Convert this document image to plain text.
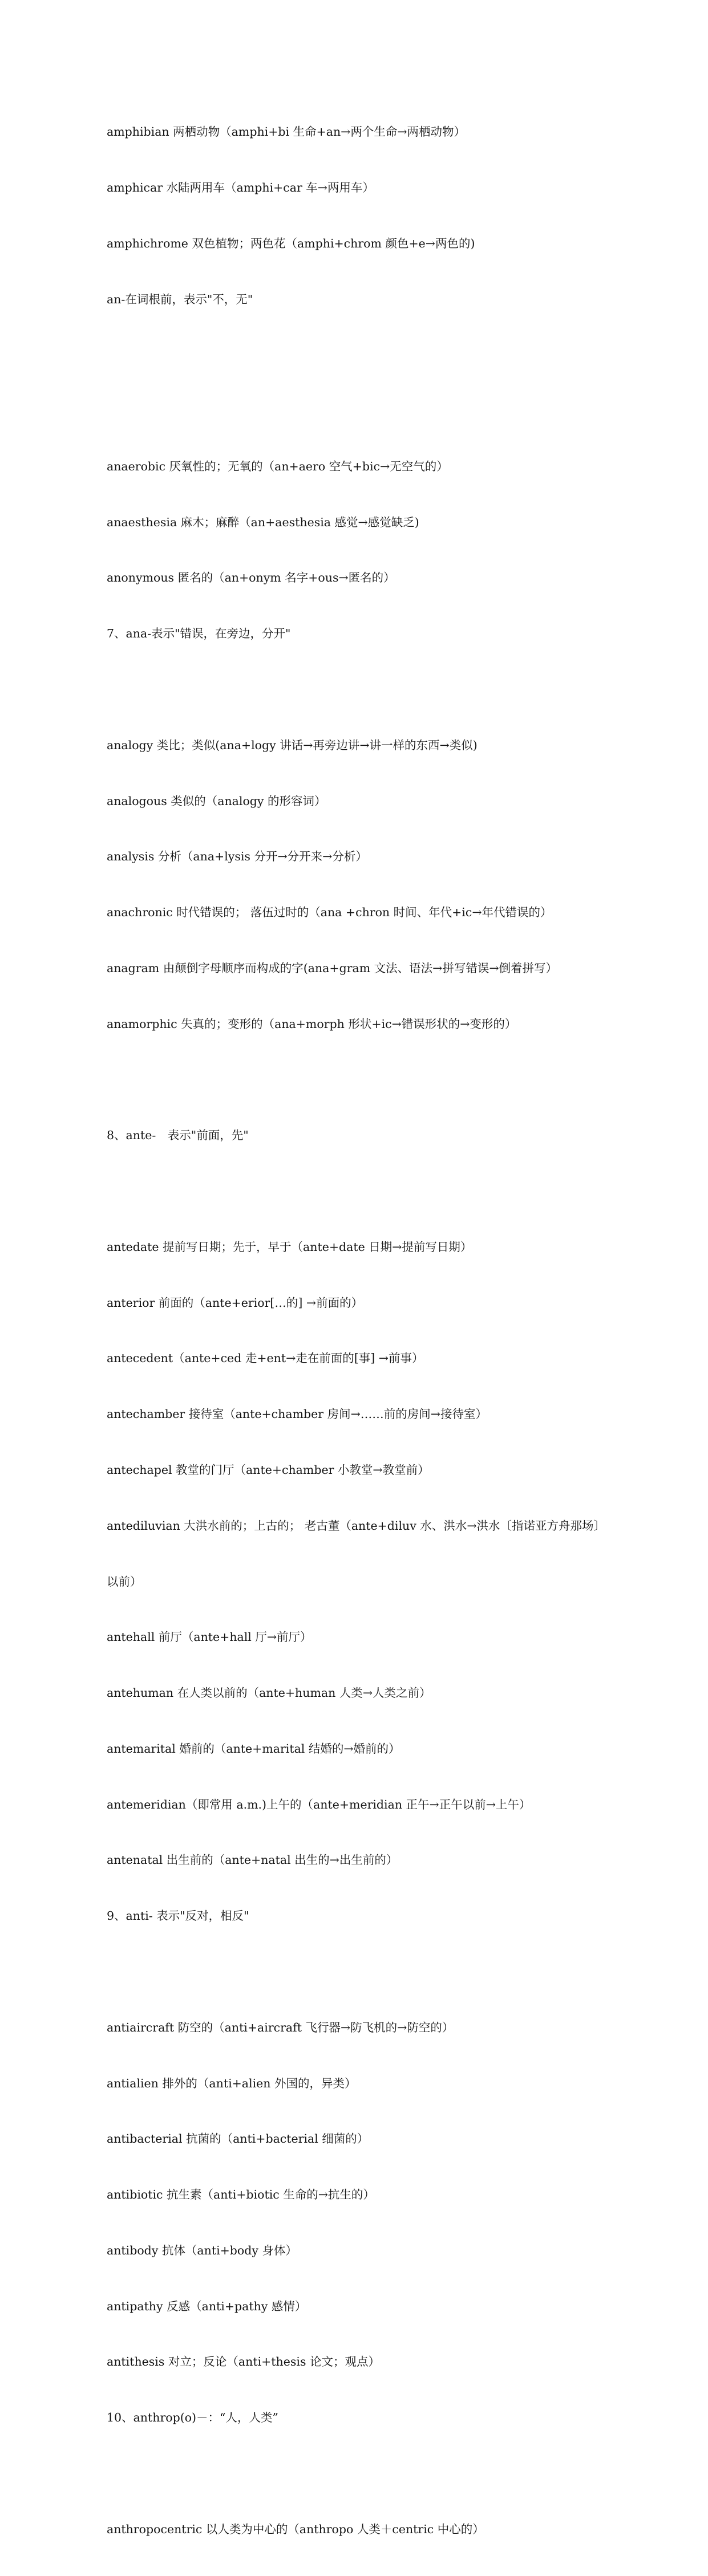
amphibian 两栖动物（amphi+bi 生命+an→两个生命→两栖动物）

amphicar 水陆两用车（amphi+car 车→两用车）

amphichrome 双色植物；两色花（amphi+chrom 颜色+e→两色的)

an-在词根前，表示"不，无"

anaerobic 厌氧性的；无氧的（an+aero 空气+bic→无空气的）

anaesthesia 麻木；麻醉（an+aesthesia 感觉→感觉缺乏)

anonymous 匿名的（an+onym 名字+ous→匿名的）

7、ana-表示"错误，在旁边，分开"

analogy 类比；类似(ana+logy 讲话→再旁边讲→讲一样的东西→类似)

analogous 类似的（analogy 的形容词）

analysis 分析（ana+lysis 分开→分开来→分析）

anachronic 时代错误的； 落伍过时的（ana +chron 时间、年代+ic→年代错误的）

anagram 由颠倒字母顺序而构成的字(ana+gram 文法、语法→拼写错误→倒着拼写）

anamorphic 失真的；变形的（ana+morph 形状+ic→错误形状的→变形的）

8、ante-　表示"前面，先"

antedate 提前写日期；先于，早于（ante+date 日期→提前写日期）

anterior 前面的（ante+erior[…的] →前面的）

antecedent（ante+ced 走+ent→走在前面的[事] →前事）

antechamber 接待室（ante+chamber 房间→……前的房间→接待室）

antechapel 教堂的门厅（ante+chamber 小教堂→教堂前）

antediluvian 大洪水前的；上古的； 老古董（ante+diluv 水、洪水→洪水〔指诺亚方舟那场〕

以前）

antehall 前厅（ante+hall 厅→前厅）

antehuman 在人类以前的（ante+human 人类→人类之前）

antemarital 婚前的（ante+marital 结婚的→婚前的）

antemeridian（即常用 a.m.)上午的（ante+meridian 正午→正午以前→上午）

antenatal 出生前的（ante+natal 出生的→出生前的）

9、anti- 表示"反对，相反"

antiaircraft 防空的（anti+aircraft 飞行器→防飞机的→防空的）

antialien 排外的（anti+alien 外国的，异类）

antibacterial 抗菌的（anti+bacterial 细菌的）

antibiotic 抗生素（anti+biotic 生命的→抗生的）

antibody 抗体（anti+body 身体）

antipathy 反感（anti+pathy 感情）

antithesis 对立；反论（anti+thesis 论文；观点）

10、anthrop(o)－：“人，人类”

anthropocentric 以人类为中心的（anthropo 人类＋centric 中心的）
